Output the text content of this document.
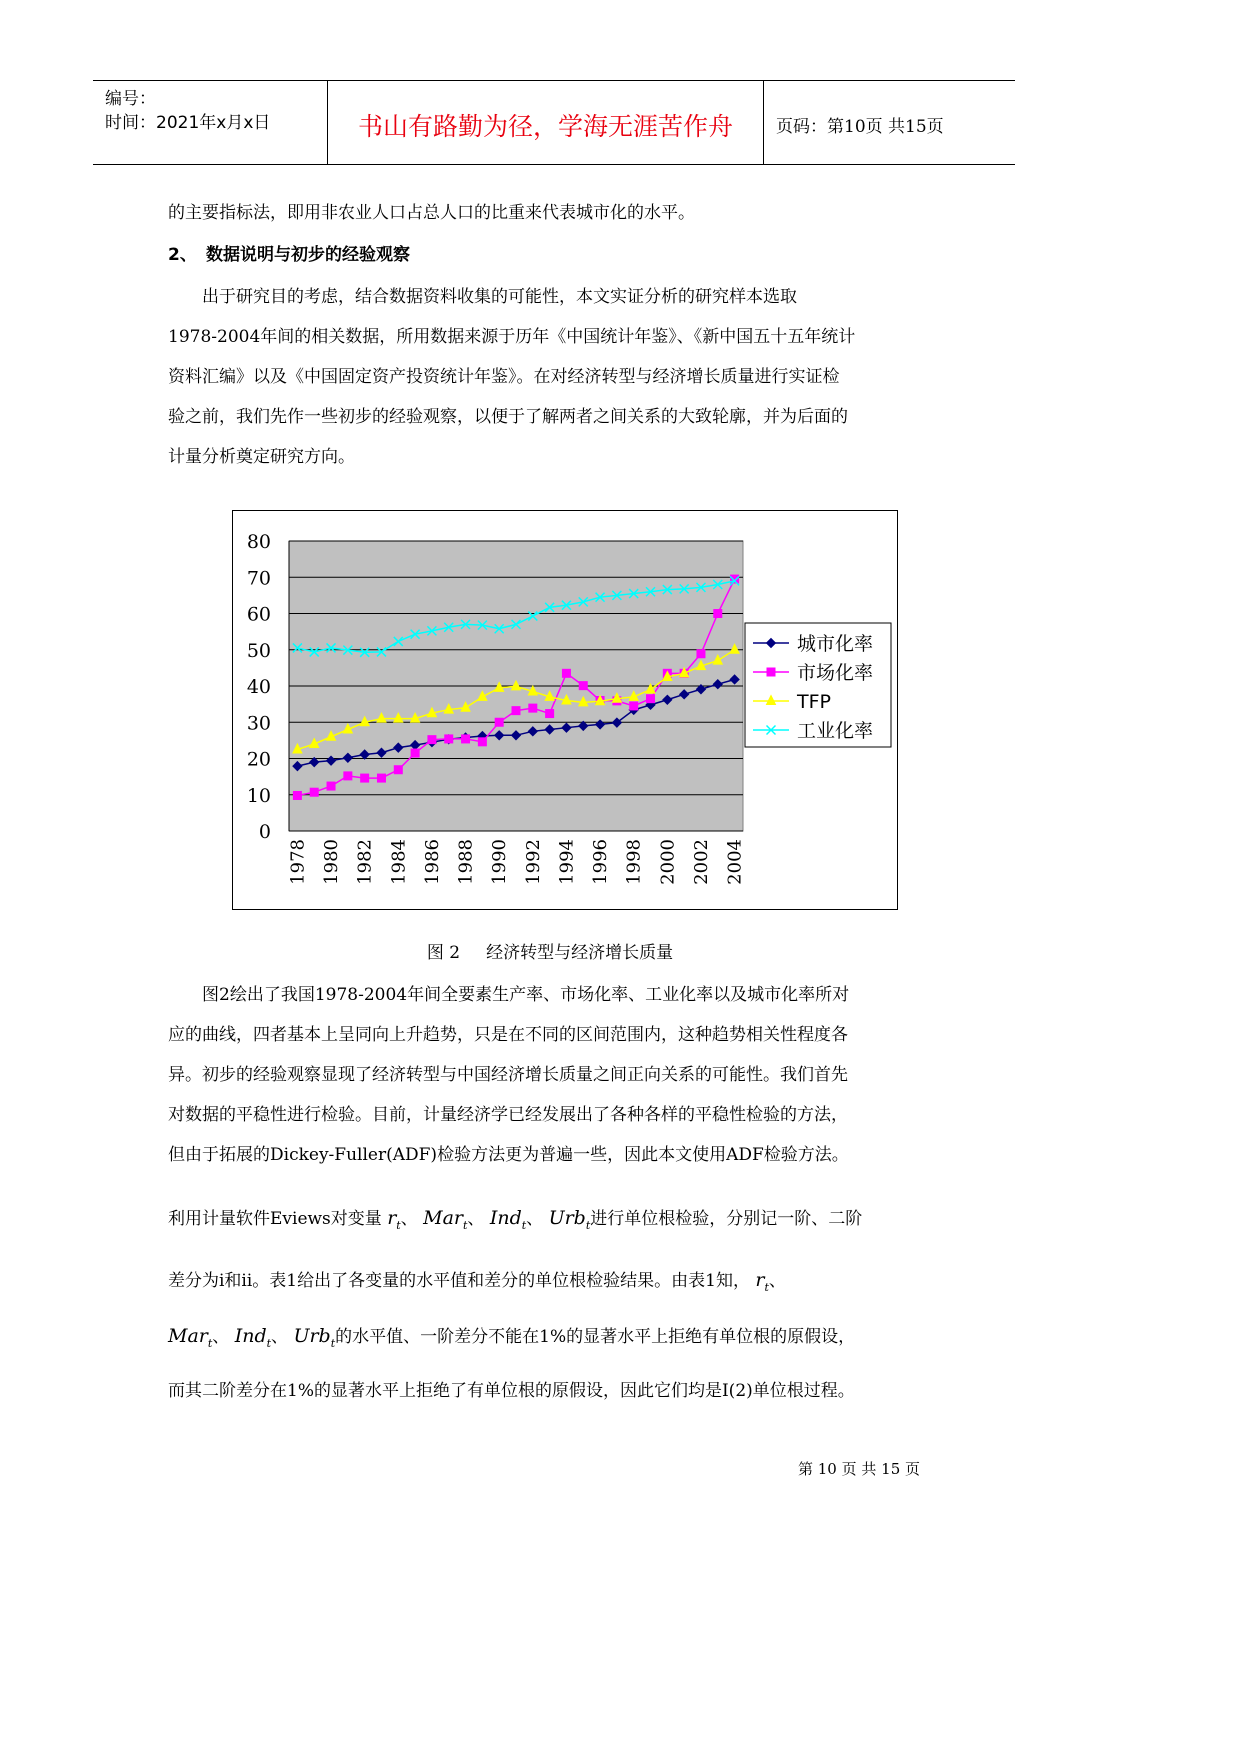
编号：
时间：2021年x月x日	书山有路勤为径，学海无涯苦作舟	页码：第10页 共15页
的主要指标法，即用非农业人口占总人口的比重来代表城市化的水平。
2、 数据说明与初步的经验观察
　　出于研究目的考虑，结合数据资料收集的可能性，本文实证分析的研究样本选取
1978-2004年间的相关数据，所用数据来源于历年《中国统计年鉴》、《新中国五十五年统计
资料汇编》以及《中国固定资产投资统计年鉴》。在对经济转型与经济增长质量进行实证检
验之前，我们先作一些初步的经验观察，以便于了解两者之间关系的大致轮廓，并为后面的
计量分析奠定研究方向。
0
10
20
30
40
50
60
70
80
1978 1980 1982 1984 1986 1988 1990 1992 1994 1996 1998 2000 2002 2004
城市化率
市场化率
TFP
工业化率
图 2 经济转型与经济增长质量
　　图2绘出了我国1978-2004年间全要素生产率、市场化率、工业化率以及城市化率所对
应的曲线，四者基本上呈同向上升趋势，只是在不同的区间范围内，这种趋势相关性程度各
异。初步的经验观察显现了经济转型与中国经济增长质量之间正向关系的可能性。我们首先
对数据的平稳性进行检验。目前，计量经济学已经发展出了各种各样的平稳性检验的方法，
但由于拓展的Dickey-Fuller(ADF)检验方法更为普遍一些，因此本文使用ADF检验方法。
利用计量软件Eviews对变量 $r_t$、 Mar$_t$、 Ind$_t$、 Urb$_t$进行单位根检验，分别记一阶、二阶
差分为ⅰ和ⅱ。表1给出了各变量的水平值和差分的单位根检验结果。由表1知， $r_t$、
Mar$_t$、 Ind$_t$、 Urb$_t$的水平值、一阶差分不能在1%的显著水平上拒绝有单位根的原假设，
而其二阶差分在1%的显著水平上拒绝了有单位根的原假设，因此它们均是Ⅰ(2)单位根过程。
第 10 页 共 15 页
